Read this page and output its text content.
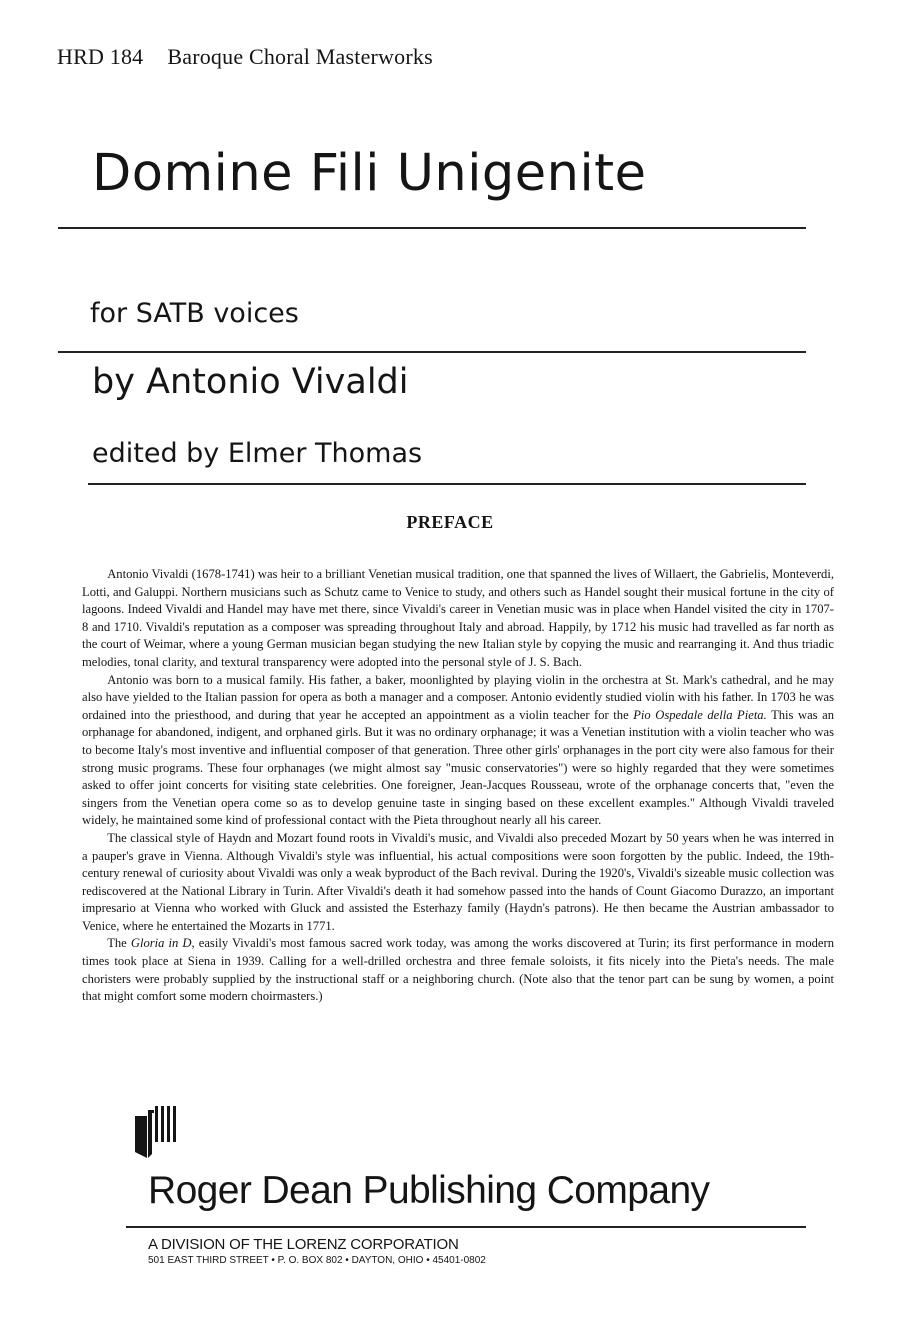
HRD 184 Baroque Choral Masterworks
Domine Fili Unigenite
for SATB voices
by Antonio Vivaldi
edited by Elmer Thomas
PREFACE

Antonio Vivaldi (1678-1741) was heir to a brilliant Venetian musical tradition, one that spanned the lives of Willaert, the Gabrielis, Monteverdi, Lotti, and Galuppi. Northern musicians such as Schutz came to Venice to study, and others such as Handel sought their musical fortune in the city of lagoons. Indeed Vivaldi and Handel may have met there, since Vivaldi's career in Venetian music was in place when Handel visited the city in 1707-8 and 1710. Vivaldi's reputation as a composer was spreading throughout Italy and abroad. Happily, by 1712 his music had travelled as far north as the court of Weimar, where a young German musician began studying the new Italian style by copying the music and rearranging it. And thus triadic melodies, tonal clarity, and textural transparency were adopted into the personal style of J. S. Bach.

Antonio was born to a musical family. His father, a baker, moonlighted by playing violin in the orchestra at St. Mark's cathedral, and he may also have yielded to the Italian passion for opera as both a manager and a composer. Antonio evidently studied violin with his father. In 1703 he was ordained into the priesthood, and during that year he accepted an appointment as a violin teacher for the Pio Ospedale della Pieta. This was an orphanage for abandoned, indigent, and orphaned girls. But it was no ordinary orphanage; it was a Venetian institution with a violin teacher who was to become Italy's most inventive and influential composer of that generation. Three other girls' orphanages in the port city were also famous for their strong music programs. These four orphanages (we might almost say "music conservatories") were so highly regarded that they were sometimes asked to offer joint concerts for visiting state celebrities. One foreigner, Jean-Jacques Rousseau, wrote of the orphanage concerts that, "even the singers from the Venetian opera come so as to develop genuine taste in singing based on these excellent examples." Although Vivaldi traveled widely, he maintained some kind of professional contact with the Pieta throughout nearly all his career.

The classical style of Haydn and Mozart found roots in Vivaldi's music, and Vivaldi also preceded Mozart by 50 years when he was interred in a pauper's grave in Vienna. Although Vivaldi's style was influential, his actual compositions were soon forgotten by the public. Indeed, the 19th-century renewal of curiosity about Vivaldi was only a weak byproduct of the Bach revival. During the 1920's, Vivaldi's sizeable music collection was rediscovered at the National Library in Turin. After Vivaldi's death it had somehow passed into the hands of Count Giacomo Durazzo, an important impresario at Vienna who worked with Gluck and assisted the Esterhazy family (Haydn's patrons). He then became the Austrian ambassador to Venice, where he entertained the Mozarts in 1771.

The Gloria in D, easily Vivaldi's most famous sacred work today, was among the works discovered at Turin; its first performance in modern times took place at Siena in 1939. Calling for a well-drilled orchestra and three female soloists, it fits nicely into the Pieta's needs. The male choristers were probably supplied by the instructional staff or a neighboring church. (Note also that the tenor part can be sung by women, a point that might comfort some modern choirmasters.)

Roger Dean Publishing Company
A DIVISION OF THE LORENZ CORPORATION
501 EAST THIRD STREET • P. O. BOX 802 • DAYTON, OHIO • 45401-0802
